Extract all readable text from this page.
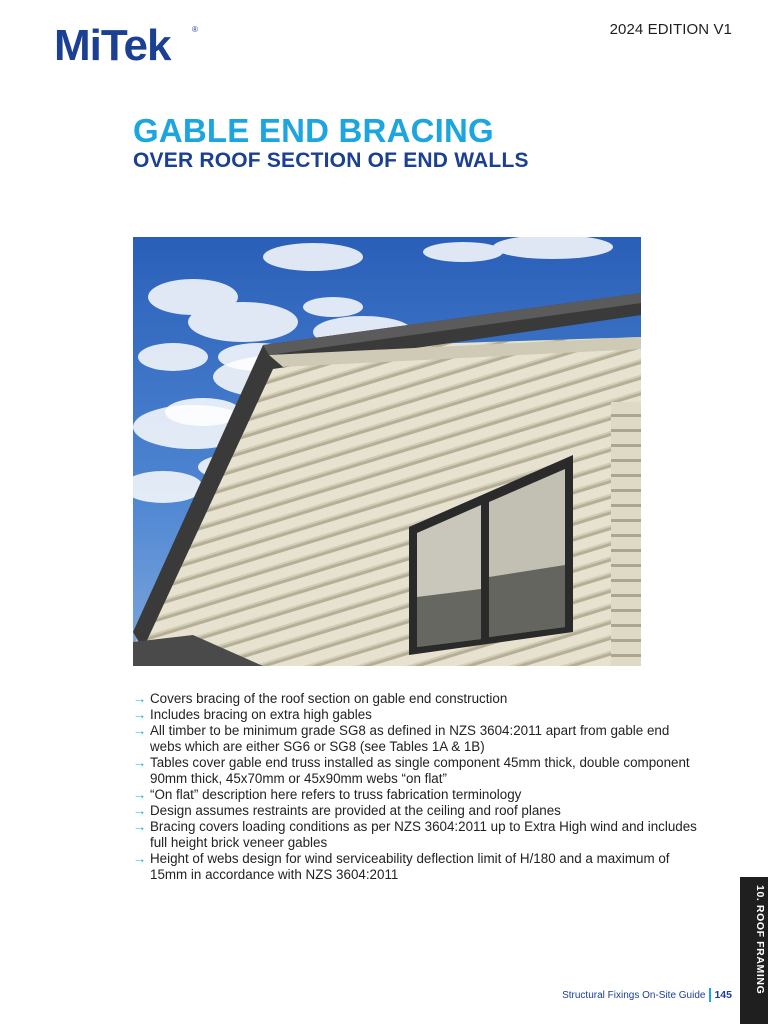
MiTek	®	2024 EDITION V1
GABLE END BRACING
OVER ROOF SECTION OF END WALLS
→ Covers bracing of the roof section on gable end construction
→ Includes bracing on extra high gables
→ All timber to be minimum grade SG8 as defined in NZS 3604:2011 apart from gable end webs which are either SG6 or SG8 (see Tables 1A & 1B)
→ Tables cover gable end truss installed as single component 45mm thick, double component 90mm thick, 45x70mm or 45x90mm webs “on flat”
→ “On flat” description here refers to truss fabrication terminology
→ Design assumes restraints are provided at the ceiling and roof planes
→ Bracing covers loading conditions as per NZS 3604:2011 up to Extra High wind and includes full height brick veneer gables
→ Height of webs design for wind serviceability deflection limit of H/180 and a maximum of 15mm in accordance with NZS 3604:2011
10. ROOF FRAMING
Structural Fixings On-Site Guide 145
